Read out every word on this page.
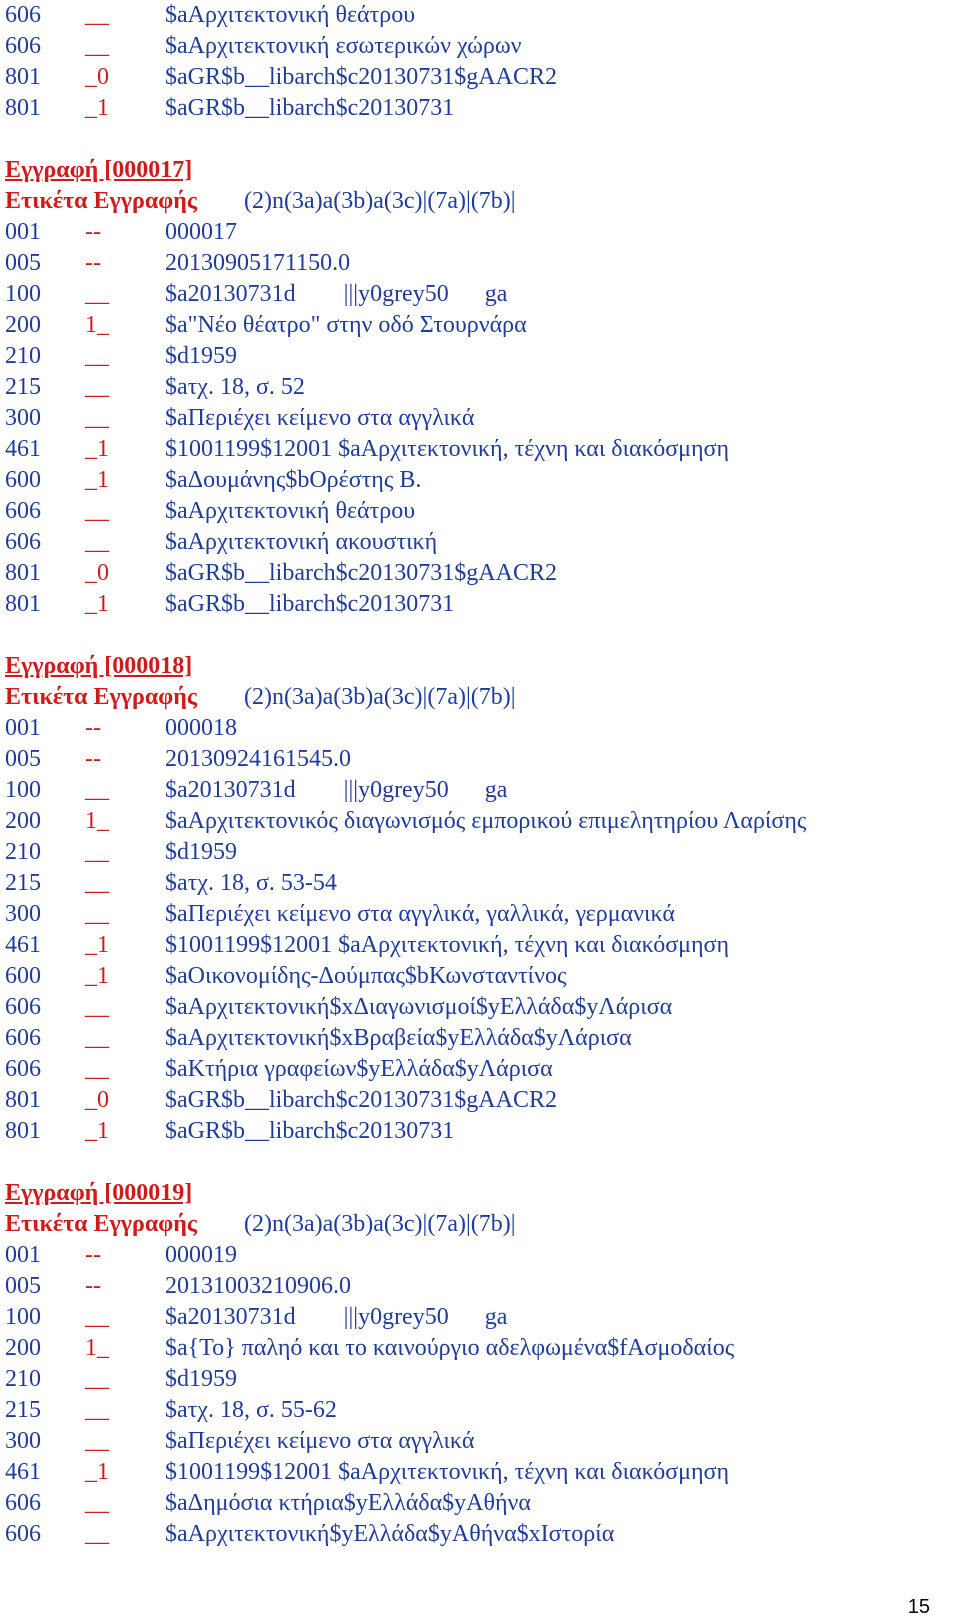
606 __ $aΑρχιτεκτονική θεάτρου
606 __ $aΑρχιτεκτονική εσωτερικών χώρων
801 _0 $aGR$b__libarch$c20130731$gAACR2
801 _1 $aGR$b__libarch$c20130731
Εγγραφή [000017]
Ετικέτα Εγγραφής (2)n(3a)a(3b)a(3c)|(7a)|(7b)|
001 --	000017
005 --	20130905171150.0
100 __ $a20130731d        |||y0grey50      ga
200 1_ $a"Νέο θέατρο" στην οδό Στουρνάρα
210 __ $d1959
215 __ $aτχ. 18, σ. 52
300 __ $aΠεριέχει κείμενο στα αγγλικά
461 _1 $1001199$12001 $aΑρχιτεκτονική, τέχνη και διακόσμηση
600 _1 $aΔουμάνης$bΟρέστης Β.
606 __ $aΑρχιτεκτονική θεάτρου
606 __ $aΑρχιτεκτονική ακουστική
801 _0 $aGR$b__libarch$c20130731$gAACR2
801 _1 $aGR$b__libarch$c20130731
Εγγραφή [000018]
Ετικέτα Εγγραφής (2)n(3a)a(3b)a(3c)|(7a)|(7b)|
001 --	000018
005 --	20130924161545.0
100 __ $a20130731d        |||y0grey50      ga
200 1_ $aΑρχιτεκτονικός διαγωνισμός εμπορικού επιμελητηρίου Λαρίσης
210 __ $d1959
215 __ $aτχ. 18, σ. 53-54
300 __ $aΠεριέχει κείμενο στα αγγλικά, γαλλικά, γερμανικά
461 _1 $1001199$12001 $aΑρχιτεκτονική, τέχνη και διακόσμηση
600 _1 $aΟικονομίδης-Δούμπας$bΚωνσταντίνος
606 __ $aΑρχιτεκτονική$xΔιαγωνισμοί$yΕλλάδα$yΛάρισα
606 __ $aΑρχιτεκτονική$xΒραβεία$yΕλλάδα$yΛάρισα
606 __ $aΚτήρια γραφείων$yΕλλάδα$yΛάρισα
801 _0 $aGR$b__libarch$c20130731$gAACR2
801 _1 $aGR$b__libarch$c20130731
Εγγραφή [000019]
Ετικέτα Εγγραφής (2)n(3a)a(3b)a(3c)|(7a)|(7b)|
001 --	000019
005 --	20131003210906.0
100 __ $a20130731d        |||y0grey50      ga
200 1_ $a{Το} παληό και το καινούργιο αδελφωμένα$fΑσμοδαίος
210 __ $d1959
215 __ $aτχ. 18, σ. 55-62
300 __ $aΠεριέχει κείμενο στα αγγλικά
461 _1 $1001199$12001 $aΑρχιτεκτονική, τέχνη και διακόσμηση
606 __ $aΔημόσια κτήρια$yΕλλάδα$yΑθήνα
606 __ $aΑρχιτεκτονική$yΕλλάδα$yΑθήνα$xΙστορία
15
